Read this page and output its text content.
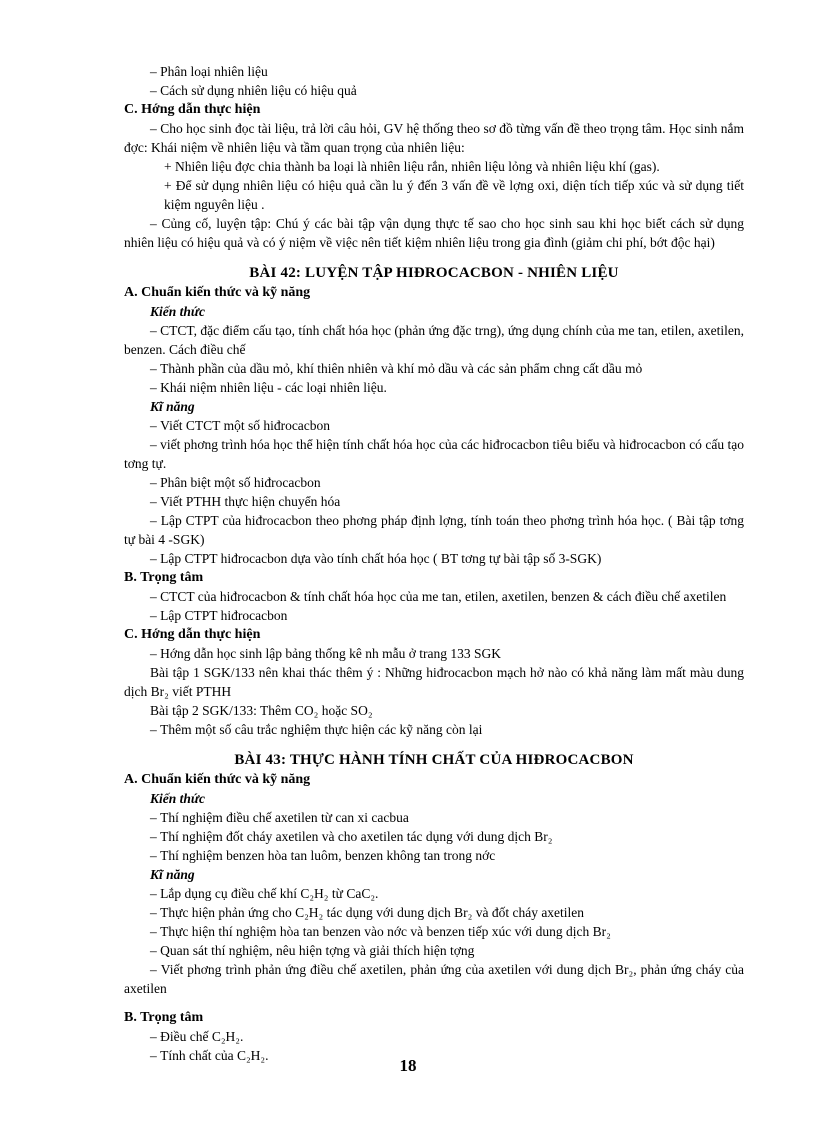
– Phân loại nhiên liệu
– Cách sử dụng nhiên liệu có hiệu quả
C. Hớng dẫn thực hiện
– Cho học sinh đọc tài liệu, trả lời câu hỏi, GV hệ thống theo sơ đồ từng vấn đề theo trọng tâm. Học sinh nắm đợc: Khái niệm về nhiên liệu và tầm quan trọng của nhiên liệu:
+ Nhiên liệu đợc chia thành ba loại là nhiên liệu rắn, nhiên liệu lỏng và nhiên liệu khí (gas).
+ Để sử dụng nhiên liệu có hiệu quả cần lu ý đến 3 vấn đề về lợng oxi, diện tích tiếp xúc và sử dụng tiết kiệm nguyên liệu .
– Củng cố, luyện tập: Chú ý các bài tập vận dụng thực tế sao cho học sinh sau khi học biết cách sử dụng nhiên liệu có hiệu quả và có ý niệm về việc nên tiết kiệm nhiên liệu trong gia đình (giảm chi phí, bớt độc hại)
BÀI 42: LUYỆN TẬP HIĐROCACBON - NHIÊN LIỆU
A. Chuẩn kiến thức và kỹ năng
Kiến thức
– CTCT, đặc điểm cấu tạo, tính chất hóa học (phản ứng đặc trng), ứng dụng chính của me tan, etilen, axetilen, benzen. Cách điều chế
– Thành phần của dầu mỏ, khí thiên nhiên và khí mỏ dầu và các sản phẩm chng cất dầu mỏ
– Khái niệm nhiên liệu - các loại nhiên liệu.
Kĩ năng
– Viết CTCT một số hiđrocacbon
– viết phơng trình hóa học thể hiện tính chất hóa học của các hiđrocacbon tiêu biểu và hiđrocacbon có cấu tạo tơng tự.
– Phân biệt một số hiđrocacbon
– Viết PTHH thực hiện chuyển hóa
– Lập CTPT của hiđrocacbon theo phơng pháp định lợng, tính toán theo phơng trình hóa học. ( Bài tập tơng tự bài 4 -SGK)
– Lập CTPT hiđrocacbon dựa vào tính chất hóa học ( BT tơng tự bài tập số 3-SGK)
B. Trọng tâm
– CTCT của hiđrocacbon & tính chất hóa học của me tan, etilen, axetilen, benzen & cách điều chế axetilen
– Lập CTPT hiđrocacbon
C. Hớng dẫn thực hiện
– Hớng dẫn học sinh lập bảng thống kê nh mẫu ở trang 133 SGK
Bài tập 1 SGK/133 nên khai thác thêm ý : Những hiđrocacbon mạch hở nào có khả năng làm mất màu dung dịch Br₂ viết PTHH
Bài tập 2 SGK/133: Thêm CO₂ hoặc SO₂
– Thêm một số câu trắc nghiệm thực hiện các kỹ năng còn lại
BÀI 43: THỰC HÀNH TÍNH CHẤT CỦA HIĐROCACBON
A. Chuẩn kiến thức và kỹ năng
Kiến thức
– Thí nghiệm điều chế axetilen từ can xi cacbua
– Thí nghiệm đốt cháy axetilen và cho axetilen tác dụng với dung dịch Br₂
– Thí nghiệm benzen hòa tan luôm, benzen không tan trong nớc
Kĩ năng
– Lắp dụng cụ điều chế khí C₂H₂ từ CaC₂.
– Thực hiện phản ứng cho C₂H₂ tác dụng với dung dịch Br₂ và đốt cháy axetilen
– Thực hiện thí nghiệm hòa tan benzen vào nớc và benzen tiếp xúc với dung dịch Br₂
– Quan sát thí nghiệm, nêu hiện tợng và giải thích hiện tợng
– Viết phơng trình phản ứng điều chế axetilen, phản ứng của axetilen với dung dịch Br₂, phản ứng cháy của axetilen
B. Trọng tâm
– Điều chế C₂H₂.
– Tính chất của C₂H₂.
18
